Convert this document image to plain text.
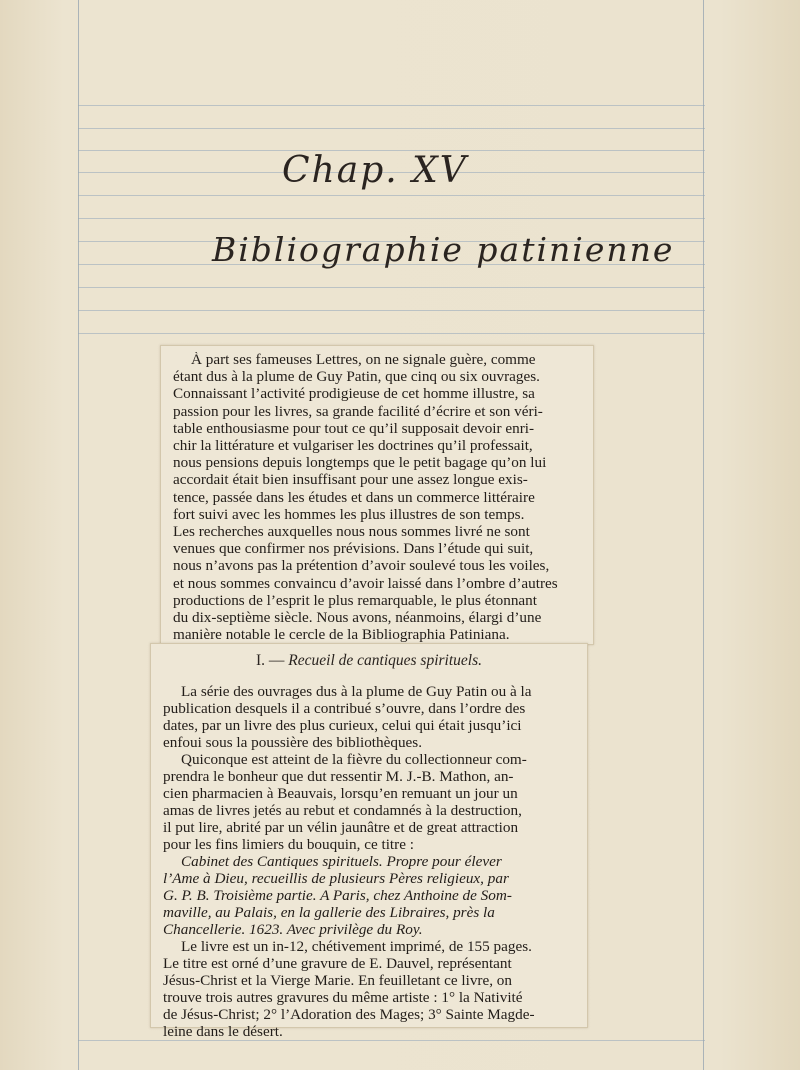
Chap. XV
Bibliographie patinienne

À part ses fameuses Lettres, on ne signale guère, comme

étant dus à la plume de Guy Patin, que cinq ou six ouvrages.

Connaissant l’activité prodigieuse de cet homme illustre, sa

passion pour les livres, sa grande facilité d’écrire et son véri-

table enthousiasme pour tout ce qu’il supposait devoir enri-

chir la littérature et vulgariser les doctrines qu’il professait,

nous pensions depuis longtemps que le petit bagage qu’on lui

accordait était bien insuffisant pour une assez longue exis-

tence, passée dans les études et dans un commerce littéraire

fort suivi avec les hommes les plus illustres de son temps.

Les recherches auxquelles nous nous sommes livré ne sont

venues que confirmer nos prévisions. Dans l’étude qui suit,

nous n’avons pas la prétention d’avoir soulevé tous les voiles,

et nous sommes convaincu d’avoir laissé dans l’ombre d’autres

productions de l’esprit le plus remarquable, le plus étonnant

du dix-septième siècle. Nous avons, néanmoins, élargi d’une

manière notable le cercle de la Bibliographia Patiniana.

I. — Recueil de cantiques spirituels.

La série des ouvrages dus à la plume de Guy Patin ou à la

publication desquels il a contribué s’ouvre, dans l’ordre des

dates, par un livre des plus curieux, celui qui était jusqu’ici

enfoui sous la poussière des bibliothèques.

Quiconque est atteint de la fièvre du collectionneur com-

prendra le bonheur que dut ressentir M. J.-B. Mathon, an-

cien pharmacien à Beauvais, lorsqu’en remuant un jour un

amas de livres jetés au rebut et condamnés à la destruction,

il put lire, abrité par un vélin jaunâtre et de great attraction

pour les fins limiers du bouquin, ce titre :

Cabinet des Cantiques spirituels. Propre pour élever

l’Ame à Dieu, recueillis de plusieurs Pères religieux, par

G. P. B. Troisième partie. A Paris, chez Anthoine de Som-

maville, au Palais, en la gallerie des Libraires, près la

Chancellerie. 1623. Avec privilège du Roy.

Le livre est un in-12, chétivement imprimé, de 155 pages.

Le titre est orné d’une gravure de E. Dauvel, représentant

Jésus-Christ et la Vierge Marie. En feuilletant ce livre, on

trouve trois autres gravures du même artiste : 1° la Nativité

de Jésus-Christ; 2° l’Adoration des Mages; 3° Sainte Magde-

leine dans le désert.
